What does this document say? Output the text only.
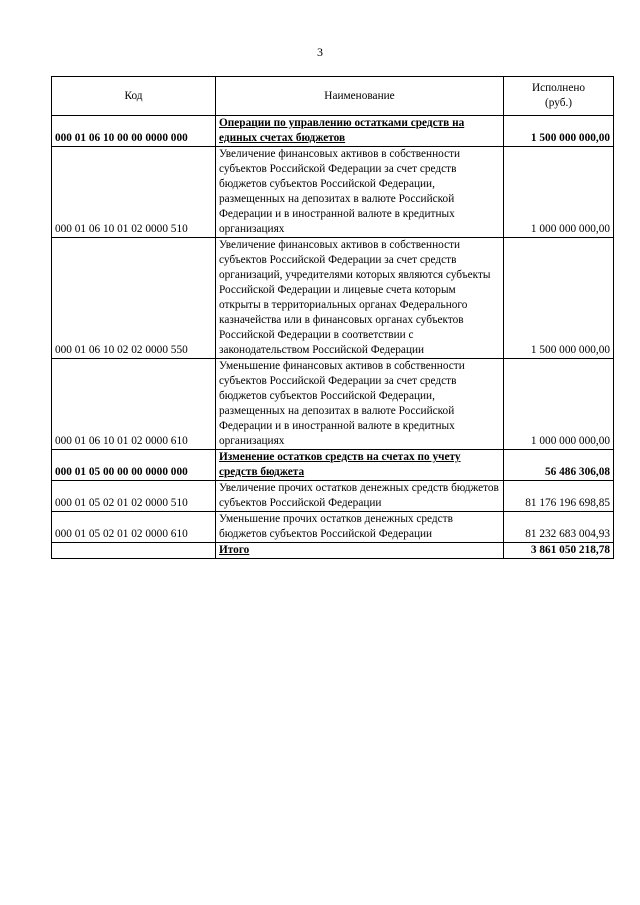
3
Код	Наименование	Исполнено
(руб.)
000 01 06 10 00 00 0000 000	Операции по управлению остатками средств на единых счетах бюджетов	1 500 000 000,00
000 01 06 10 01 02 0000 510	Увеличение финансовых активов в собственности субъектов Российской Федерации за счет средств бюджетов субъектов Российской Федерации, размещенных на депозитах в валюте Российской Федерации и в иностранной валюте в кредитных организациях	1 000 000 000,00
000 01 06 10 02 02 0000 550	Увеличение финансовых активов в собственности субъектов Российской Федерации за счет средств организаций, учредителями которых являются субъекты Российской Федерации и лицевые счета которым открыты в территориальных органах Федерального казначейства или в финансовых органах субъектов Российской Федерации в соответствии с законодательством Российской Федерации	1 500 000 000,00
000 01 06 10 01 02 0000 610	Уменьшение финансовых активов в собственности субъектов Российской Федерации за счет средств бюджетов субъектов Российской Федерации, размещенных на депозитах в валюте Российской Федерации и в иностранной валюте в кредитных организациях	1 000 000 000,00
000 01 05 00 00 00 0000 000	Изменение остатков средств на счетах по учету средств бюджета	56 486 306,08
000 01 05 02 01 02 0000 510	Увеличение прочих остатков денежных средств бюджетов субъектов Российской Федерации	81 176 196 698,85
000 01 05 02 01 02 0000 610	Уменьшение прочих остатков денежных средств бюджетов субъектов Российской Федерации	81 232 683 004,93
	Итого	3 861 050 218,78
